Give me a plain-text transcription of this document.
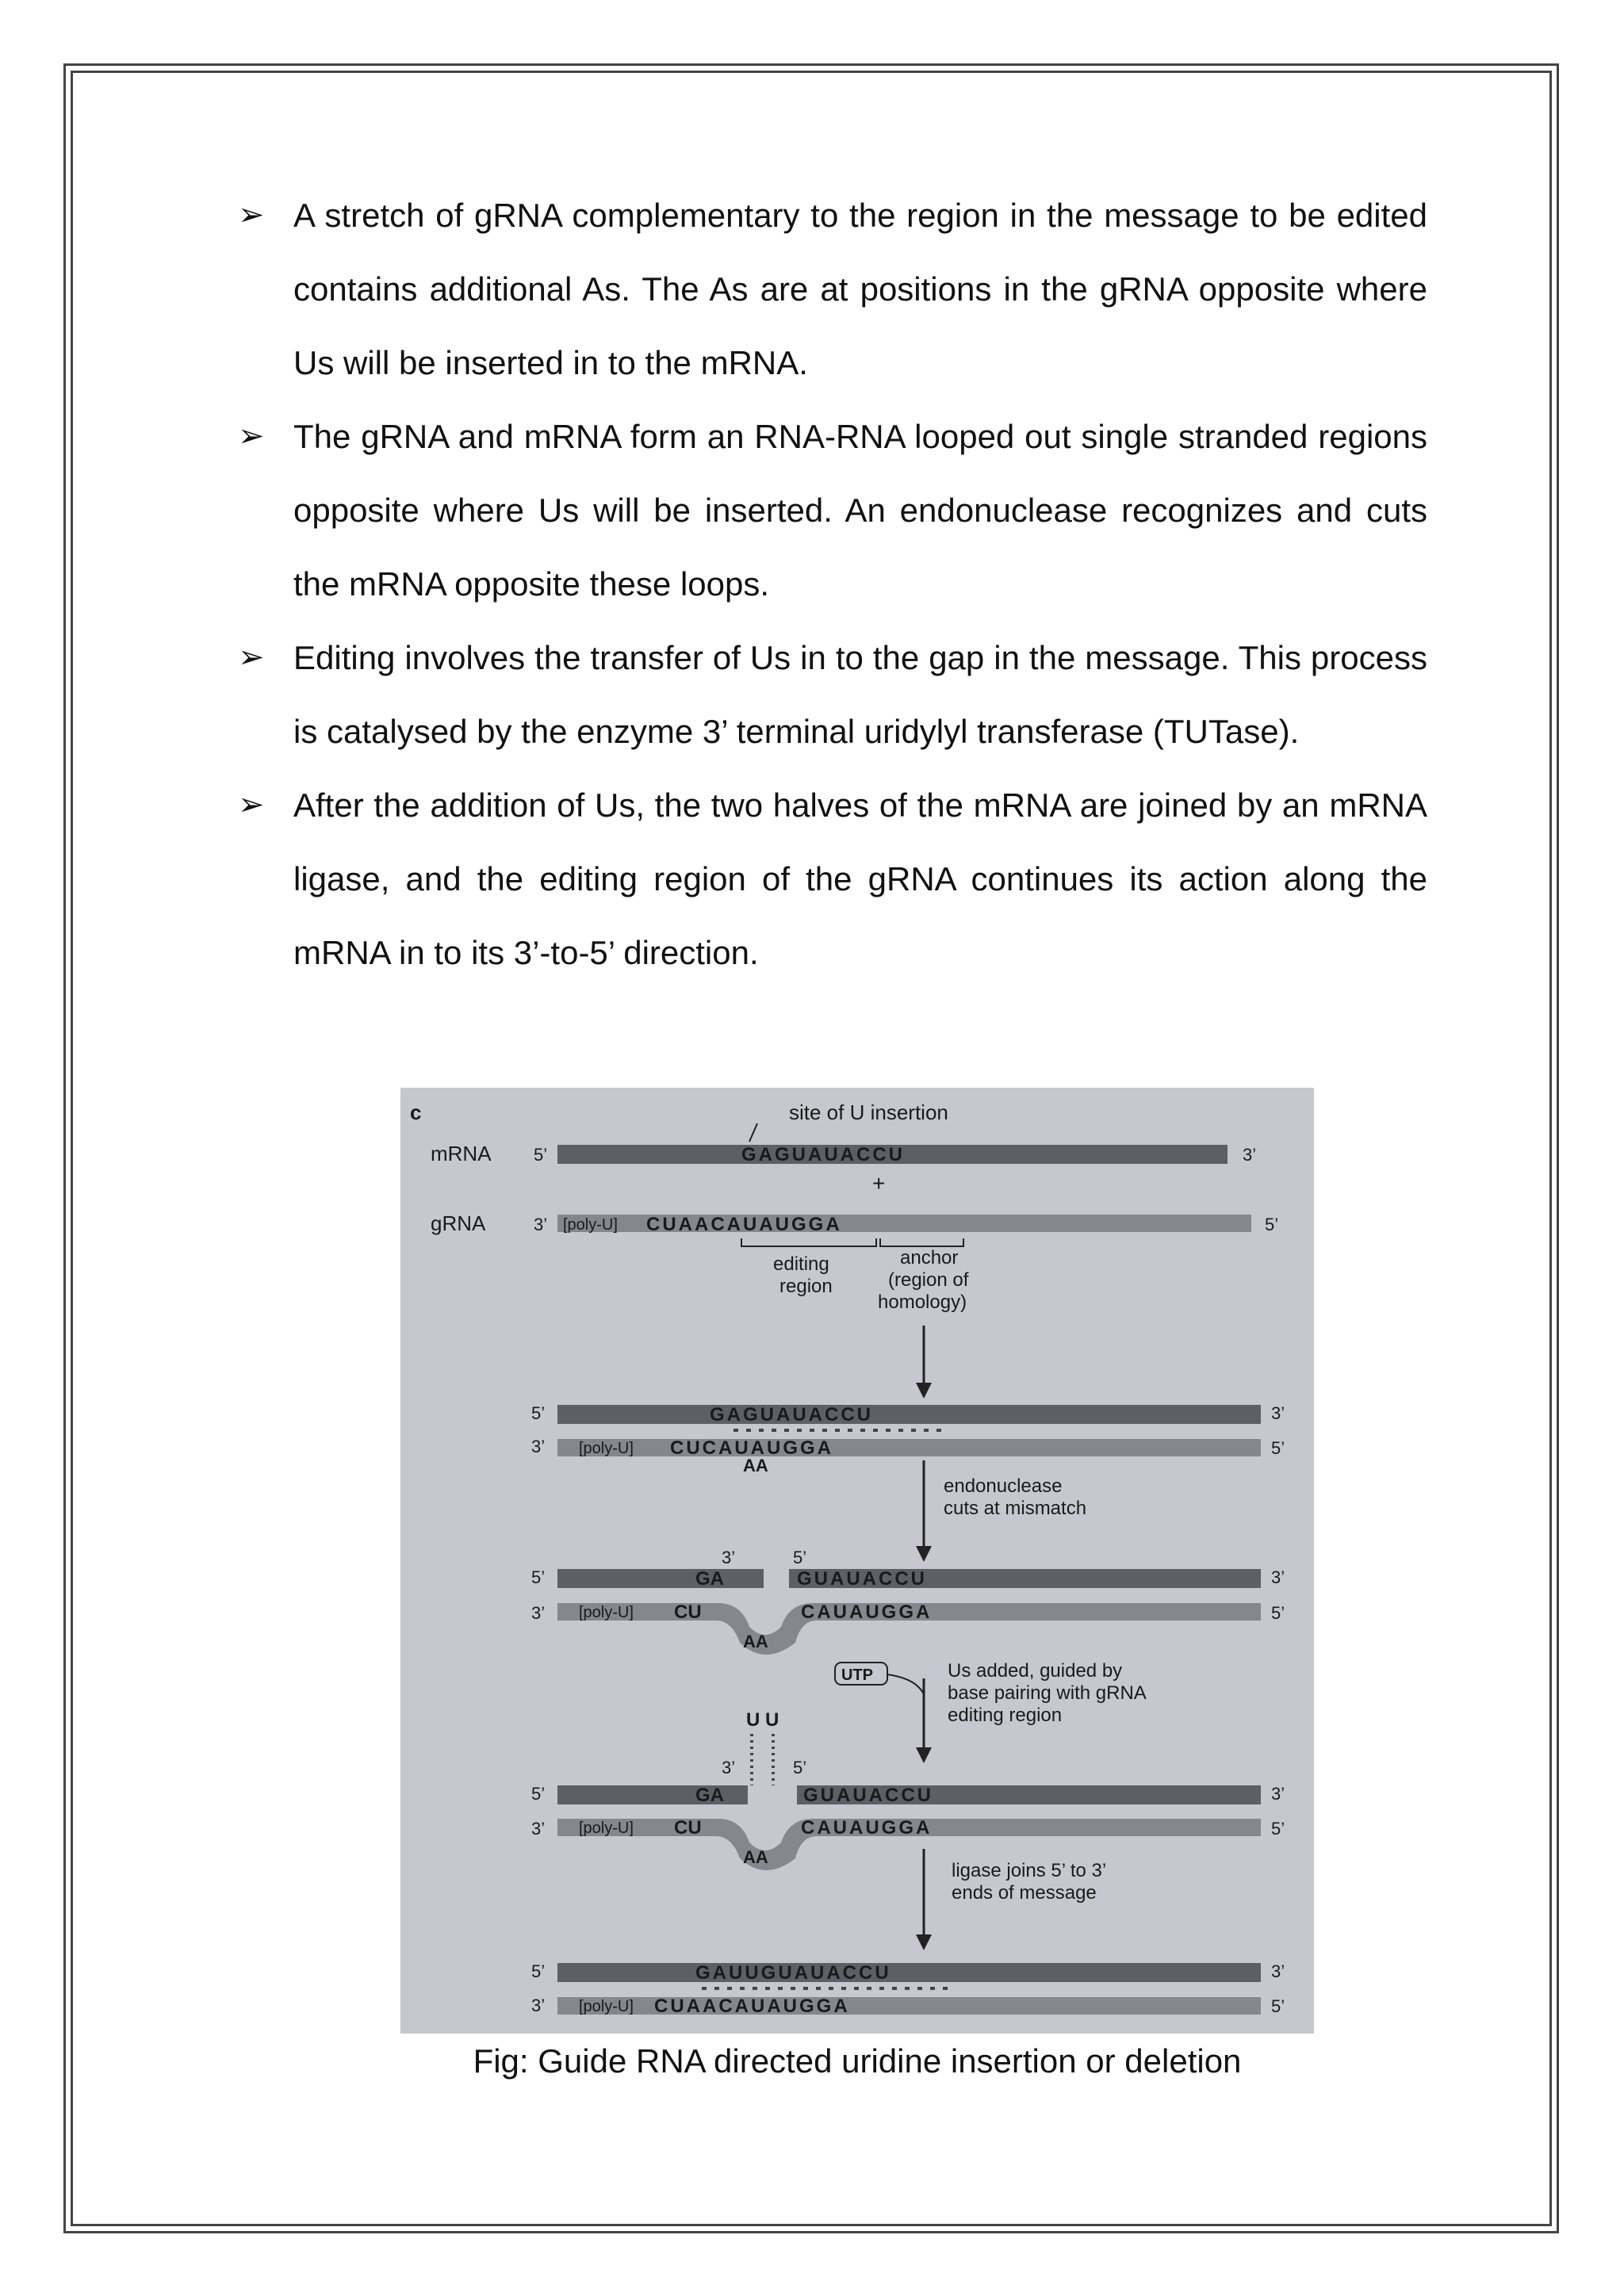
➢ A stretch of gRNA complementary to the region in the message to be edited contains additional As. The As are at positions in the gRNA opposite where Us will be inserted in to the mRNA.
➢ The gRNA and mRNA form an RNA-RNA looped out single stranded regions opposite where Us will be inserted. An endonuclease recognizes and cuts the mRNA opposite these loops.
➢ Editing involves the transfer of Us in to the gap in the message. This process is catalysed by the enzyme 3’ terminal uridylyl transferase (TUTase).
➢ After the addition of Us, the two halves of the mRNA are joined by an mRNA ligase, and the editing region of the gRNA continues its action along the mRNA in to its 3’-to-5’ direction.
c	site of U insertion
mRNA 5’	GAGUAUACCU	3’
+
gRNA	3’ [poly-U] CUAACAUAUGGA	5’
editing
region
anchor
(region of
homology)
5’	GAGUAUACCU	3’
3’ [poly-U] CUCAUAUGGA	5’
AA
endonuclease
cuts at mismatch
3’	5’
5’	GA	GUAUACCU	3’
3’ [poly-U] CU	CAUAUGGA	5’
AA
UTP	Us added, guided by
base pairing with gRNA
editing region
U U
3’	5’
5’	GA	GUAUACCU	3’
3’ [poly-U] CU	CAUAUGGA	5’
AA
ligase joins 5’ to 3’
ends of message
5’	GAUUGUAUACCU	3’
3’ [poly-U] CUAACAUAUGGA	5’
Fig: Guide RNA directed uridine insertion or deletion
